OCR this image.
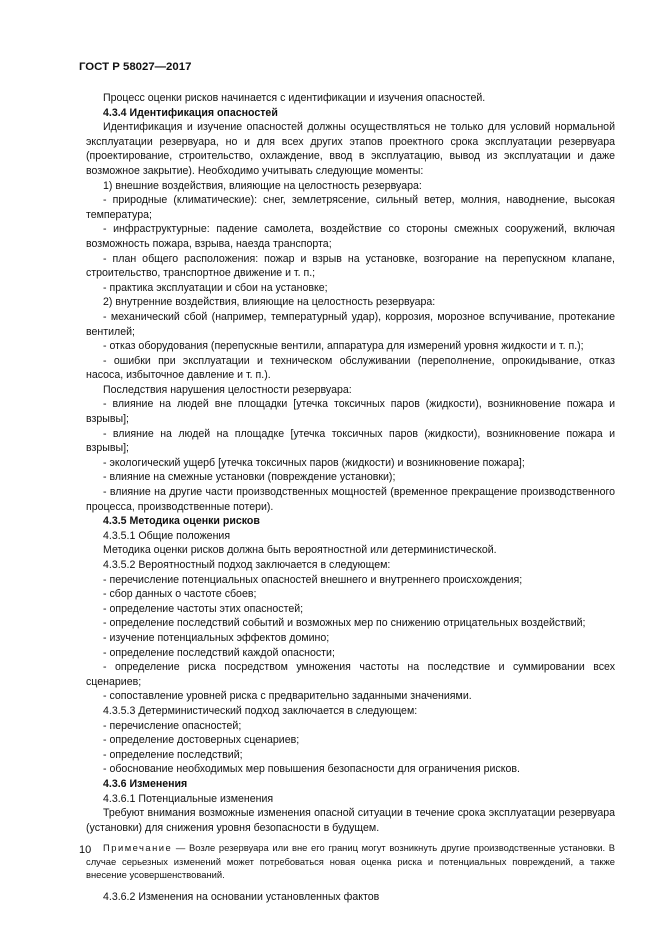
ГОСТ Р 58027—2017

Процесс оценки рисков начинается с идентификации и изучения опасностей.

4.3.4 Идентификация опасностей

Идентификация и изучение опасностей должны осуществляться не только для условий нормальной эксплуатации резервуара, но и для всех других этапов проектного срока эксплуатации резервуара (проектирование, строительство, охлаждение, ввод в эксплуатацию, вывод из эксплуатации и даже возможное закрытие). Необходимо учитывать следующие моменты:

1) внешние воздействия, влияющие на целостность резервуара:

- природные (климатические): снег, землетрясение, сильный ветер, молния, наводнение, высокая температура;

- инфраструктурные: падение самолета, воздействие со стороны смежных сооружений, включая возможность пожара, взрыва, наезда транспорта;

- план общего расположения: пожар и взрыв на установке, возгорание на перепускном клапане, строительство, транспортное движение и т. п.;

- практика эксплуатации и сбои на установке;

2) внутренние воздействия, влияющие на целостность резервуара:

- механический сбой (например, температурный удар), коррозия, морозное вспучивание, протекание вентилей;

- отказ оборудования (перепускные вентили, аппаратура для измерений уровня жидкости и т. п.);

- ошибки при эксплуатации и техническом обслуживании (переполнение, опрокидывание, отказ насоса, избыточное давление и т. п.).

Последствия нарушения целостности резервуара:

- влияние на людей вне площадки [утечка токсичных паров (жидкости), возникновение пожара и взрывы];

- влияние на людей на площадке [утечка токсичных паров (жидкости), возникновение пожара и взрывы];

- экологический ущерб [утечка токсичных паров (жидкости) и возникновение пожара];

- влияние на смежные установки (повреждение установки);

- влияние на другие части производственных мощностей (временное прекращение производственного процесса, производственные потери).

4.3.5 Методика оценки рисков

4.3.5.1 Общие положения

Методика оценки рисков должна быть вероятностной или детерминистической.

4.3.5.2 Вероятностный подход заключается в следующем:

- перечисление потенциальных опасностей внешнего и внутреннего происхождения;

- сбор данных о частоте сбоев;

- определение частоты этих опасностей;

- определение последствий событий и возможных мер по снижению отрицательных воздействий;

- изучение потенциальных эффектов домино;

- определение последствий каждой опасности;

- определение риска посредством умножения частоты на последствие и суммировании всех сценариев;

- сопоставление уровней риска с предварительно заданными значениями.

4.3.5.3 Детерминистический подход заключается в следующем:

- перечисление опасностей;

- определение достоверных сценариев;

- определение последствий;

- обоснование необходимых мер повышения безопасности для ограничения рисков.

4.3.6 Изменения

4.3.6.1 Потенциальные изменения

Требуют внимания возможные изменения опасной ситуации в течение срока эксплуатации резервуара (установки) для снижения уровня безопасности в будущем.

Примечание — Возле резервуара или вне его границ могут возникнуть другие производственные установки. В случае серьезных изменений может потребоваться новая оценка риска и потенциальных повреждений, а также внесение усовершенствований.

4.3.6.2 Изменения на основании установленных фактов

10
